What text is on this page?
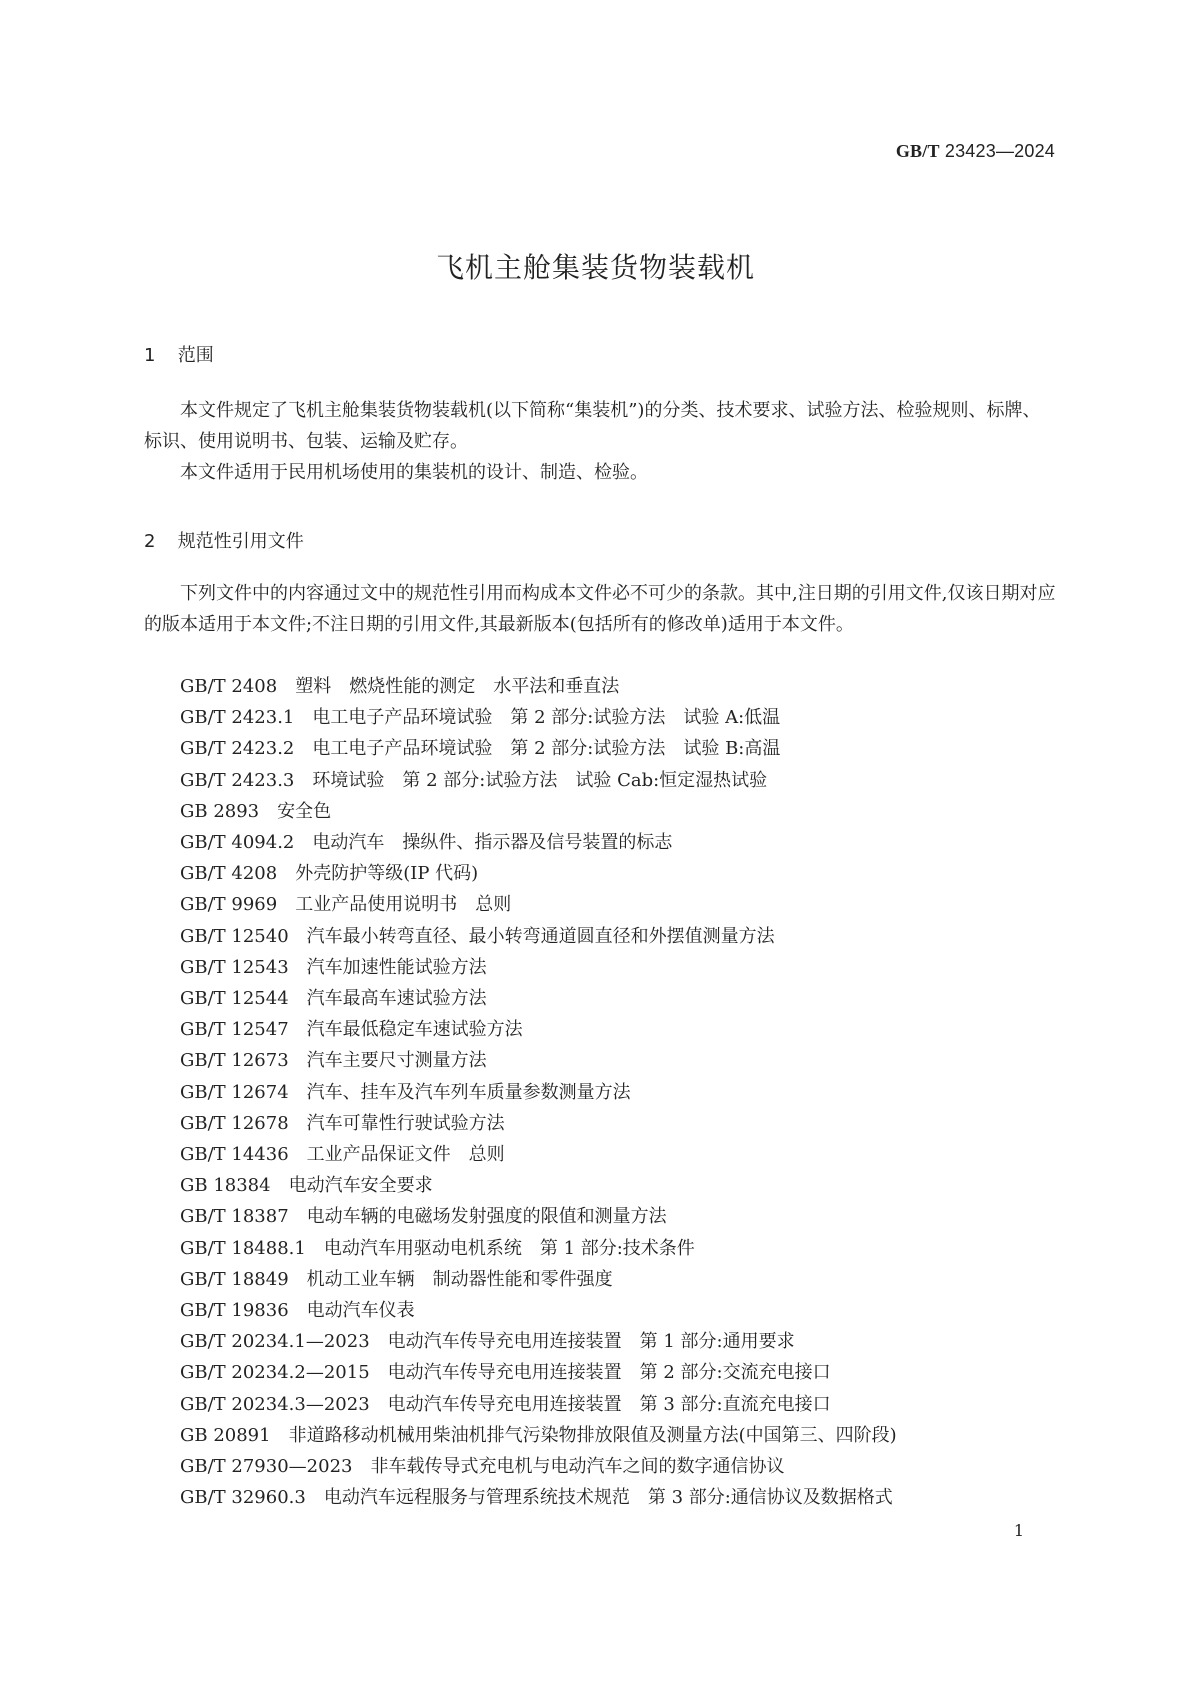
GB/T 23423—2024
飞机主舱集装货物装载机
1 范围

本文件规定了飞机主舱集装货物装载机(以下简称“集装机”)的分类、技术要求、试验方法、检验规则、标牌、标识、使用说明书、包装、运输及贮存。

本文件适用于民用机场使用的集装机的设计、制造、检验。

2 规范性引用文件

下列文件中的内容通过文中的规范性引用而构成本文件必不可少的条款。其中,注日期的引用文件,仅该日期对应的版本适用于本文件;不注日期的引用文件,其最新版本(包括所有的修改单)适用于本文件。

GB/T 2408 塑料　燃烧性能的测定　水平法和垂直法
GB/T 2423.1 电工电子产品环境试验　第 2 部分:试验方法　试验 A:低温
GB/T 2423.2 电工电子产品环境试验　第 2 部分:试验方法　试验 B:高温
GB/T 2423.3 环境试验　第 2 部分:试验方法　试验 Cab:恒定湿热试验
GB 2893 安全色
GB/T 4094.2 电动汽车　操纵件、指示器及信号装置的标志
GB/T 4208 外壳防护等级(IP 代码)
GB/T 9969 工业产品使用说明书　总则
GB/T 12540 汽车最小转弯直径、最小转弯通道圆直径和外摆值测量方法
GB/T 12543 汽车加速性能试验方法
GB/T 12544 汽车最高车速试验方法
GB/T 12547 汽车最低稳定车速试验方法
GB/T 12673 汽车主要尺寸测量方法
GB/T 12674 汽车、挂车及汽车列车质量参数测量方法
GB/T 12678 汽车可靠性行驶试验方法
GB/T 14436 工业产品保证文件　总则
GB 18384 电动汽车安全要求
GB/T 18387 电动车辆的电磁场发射强度的限值和测量方法
GB/T 18488.1 电动汽车用驱动电机系统　第 1 部分:技术条件
GB/T 18849 机动工业车辆　制动器性能和零件强度
GB/T 19836 电动汽车仪表
GB/T 20234.1—2023 电动汽车传导充电用连接装置　第 1 部分:通用要求
GB/T 20234.2—2015 电动汽车传导充电用连接装置　第 2 部分:交流充电接口
GB/T 20234.3—2023 电动汽车传导充电用连接装置　第 3 部分:直流充电接口
GB 20891 非道路移动机械用柴油机排气污染物排放限值及测量方法(中国第三、四阶段)
GB/T 27930—2023 非车载传导式充电机与电动汽车之间的数字通信协议
GB/T 32960.3 电动汽车远程服务与管理系统技术规范　第 3 部分:通信协议及数据格式
1
